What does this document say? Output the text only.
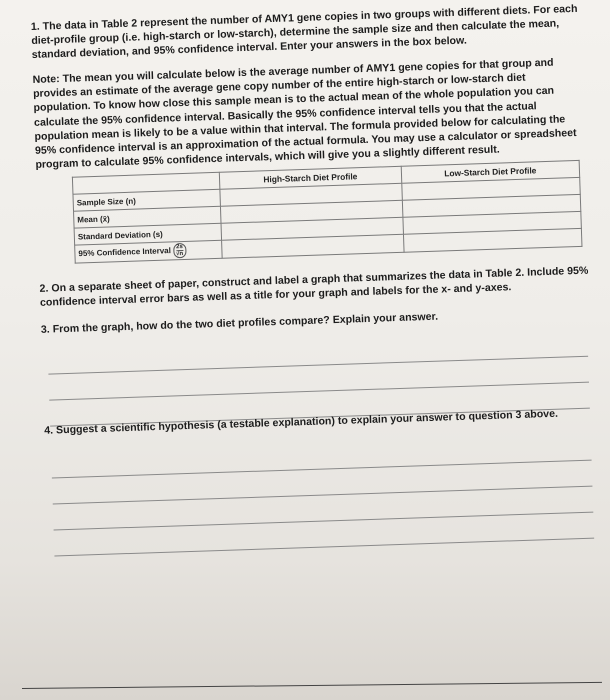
1. The data in Table 2 represent the number of AMY1 gene copies in two groups with different diets. For each diet-profile group (i.e. high-starch or low-starch), determine the sample size and then calculate the mean, standard deviation, and 95% confidence interval. Enter your answers in the box below.

Note: The mean you will calculate below is the average number of AMY1 gene copies for that group and provides an estimate of the average gene copy number of the entire high-starch or low-starch diet population. To know how close this sample mean is to the actual mean of the whole population you can calculate the 95% confidence interval. Basically the 95% confidence interval tells you that the actual population mean is likely to be a value within that interval. The formula provided below for calculating the 95% confidence interval is an approximation of the actual formula. You may use a calculator or spreadsheet program to calculate 95% confidence intervals, which will give you a slightly different result.

	High-Starch Diet Profile	Low-Starch Diet Profile
Sample Size (n)		
Mean (x̄)		
Standard Deviation (s)		
95% Confidence Interval $\frac{2s}{√n}$

2. On a separate sheet of paper, construct and label a graph that summarizes the data in Table 2. Include 95% confidence interval error bars as well as a title for your graph and labels for the x- and y-axes.

3. From the graph, how do the two diet profiles compare? Explain your answer.

4. Suggest a scientific hypothesis (a testable explanation) to explain your answer to question 3 above.
